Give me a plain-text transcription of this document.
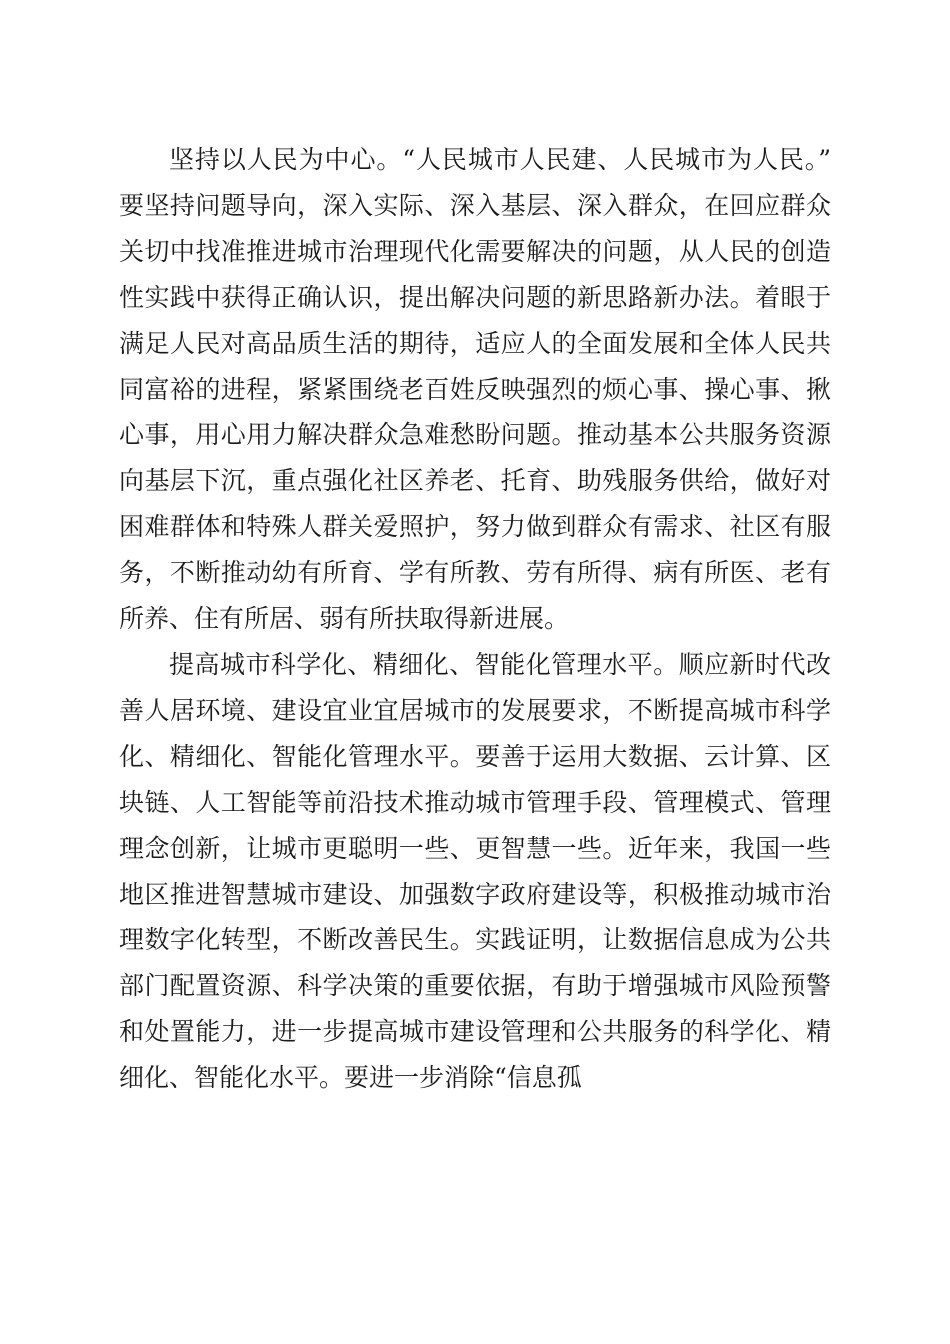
坚持以人民为中心。“人民城市人民建、人民城市为人民。”要坚持问题导向，深入实际、深入基层、深入群众，在回应群众关切中找准推进城市治理现代化需要解决的问题，从人民的创造性实践中获得正确认识，提出解决问题的新思路新办法。着眼于满足人民对高品质生活的期待，适应人的全面发展和全体人民共同富裕的进程，紧紧围绕老百姓反映强烈的烦心事、操心事、揪心事，用心用力解决群众急难愁盼问题。推动基本公共服务资源向基层下沉，重点强化社区养老、托育、助残服务供给，做好对困难群体和特殊人群关爱照护，努力做到群众有需求、社区有服务，不断推动幼有所育、学有所教、劳有所得、病有所医、老有所养、住有所居、弱有所扶取得新进展。

提高城市科学化、精细化、智能化管理水平。顺应新时代改善人居环境、建设宜业宜居城市的发展要求，不断提高城市科学化、精细化、智能化管理水平。要善于运用大数据、云计算、区块链、人工智能等前沿技术推动城市管理手段、管理模式、管理理念创新，让城市更聪明一些、更智慧一些。近年来，我国一些地区推进智慧城市建设、加强数字政府建设等，积极推动城市治理数字化转型，不断改善民生。实践证明，让数据信息成为公共部门配置资源、科学决策的重要依据，有助于增强城市风险预警和处置能力，进一步提高城市建设管理和公共服务的科学化、精细化、智能化水平。要进一步消除“信息孤
